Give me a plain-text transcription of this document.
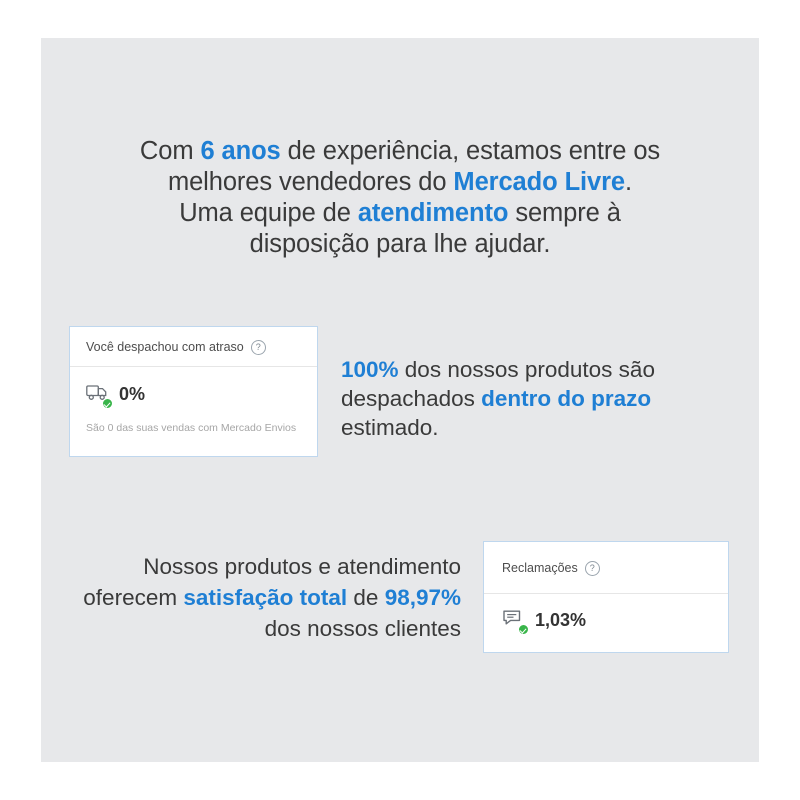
Com 6 anos de experiência, estamos entre os
melhores vendedores do Mercado Livre.
Uma equipe de atendimento sempre à
disposição para lhe ajudar.
Você despachou com atraso	?
0%
São 0 das suas vendas com Mercado Envios
100% dos nossos produtos são despachados dentro do prazo estimado.
Nossos produtos e atendimento oferecem satisfação total de 98,97% dos nossos clientes
Reclamações	?
1,03%
